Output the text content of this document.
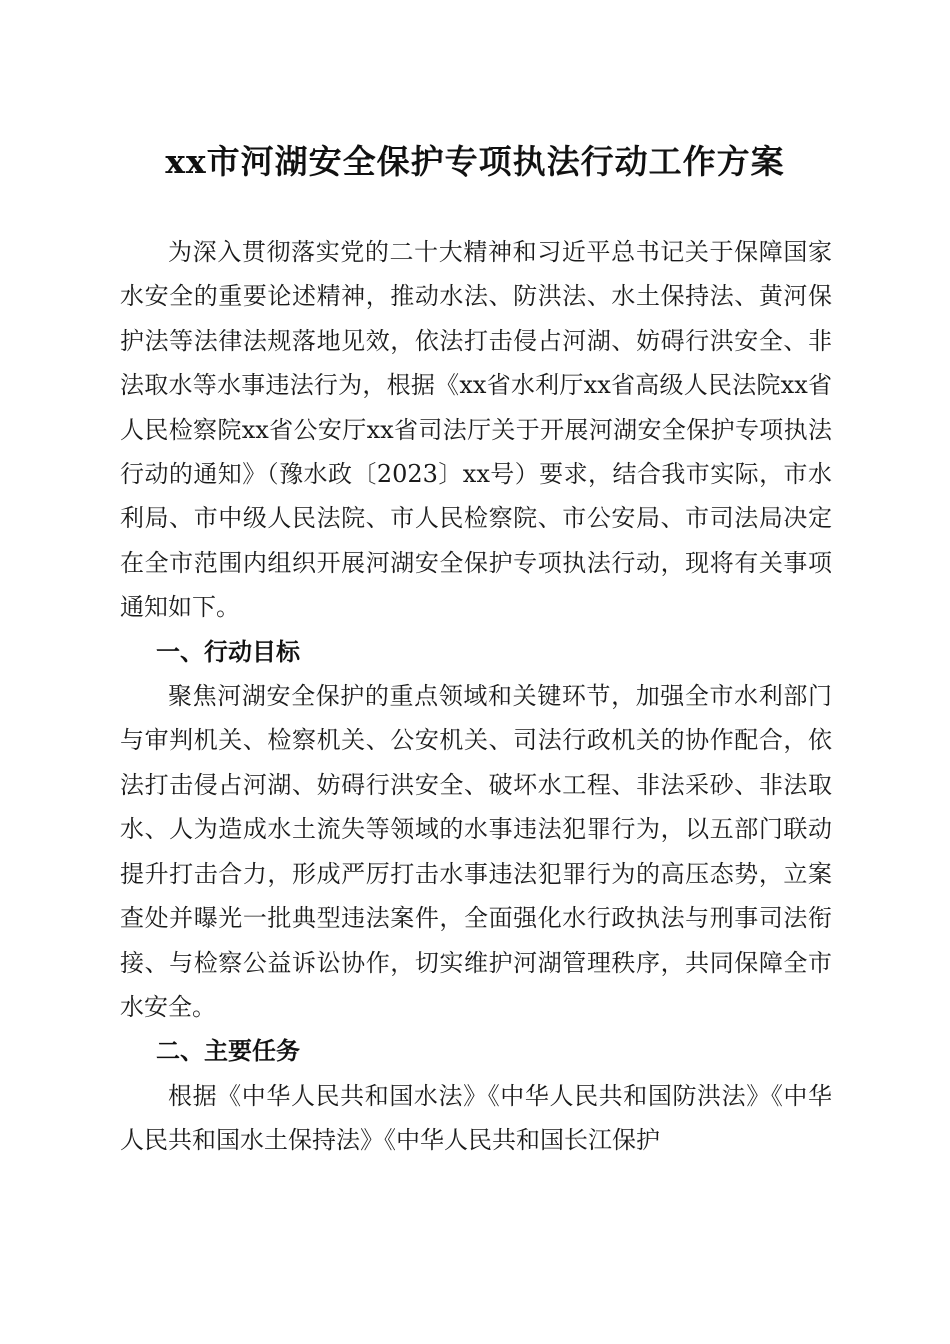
xx市河湖安全保护专项执法行动工作方案

为深入贯彻落实党的二十大精神和习近平总书记关于保障国家水安全的重要论述精神，推动水法、防洪法、水土保持法、黄河保护法等法律法规落地见效，依法打击侵占河湖、妨碍行洪安全、非法取水等水事违法行为，根据《xx省水利厅xx省高级人民法院xx省人民检察院xx省公安厅xx省司法厅关于开展河湖安全保护专项执法行动的通知》（豫水政〔2023〕xx号）要求，结合我市实际，市水利局、市中级人民法院、市人民检察院、市公安局、市司法局决定在全市范围内组织开展河湖安全保护专项执法行动，现将有关事项通知如下。

一、行动目标

聚焦河湖安全保护的重点领域和关键环节，加强全市水利部门与审判机关、检察机关、公安机关、司法行政机关的协作配合，依法打击侵占河湖、妨碍行洪安全、破坏水工程、非法采砂、非法取水、人为造成水土流失等领域的水事违法犯罪行为，以五部门联动提升打击合力，形成严厉打击水事违法犯罪行为的高压态势，立案查处并曝光一批典型违法案件，全面强化水行政执法与刑事司法衔接、与检察公益诉讼协作，切实维护河湖管理秩序，共同保障全市水安全。

二、主要任务

根据《中华人民共和国水法》《中华人民共和国防洪法》《中华人民共和国水土保持法》《中华人民共和国长江保护
